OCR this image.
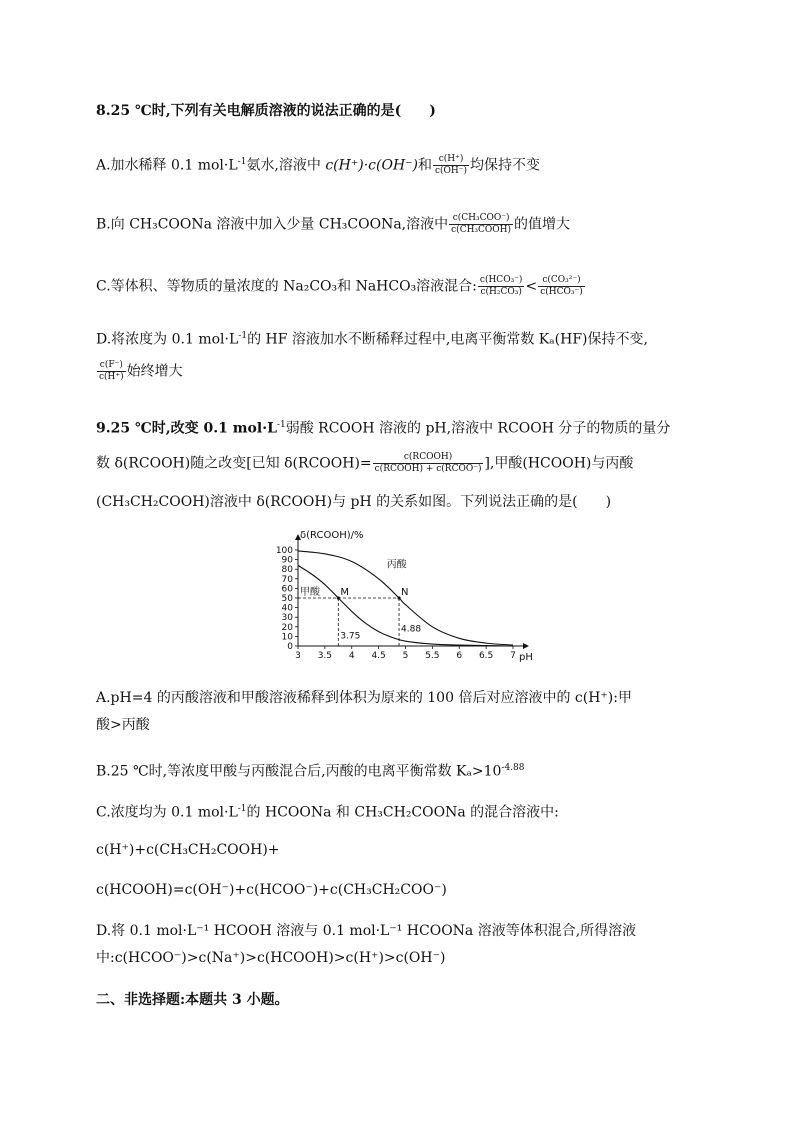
8.25 ℃时,下列有关电解质溶液的说法正确的是(　　)
A.加水稀释 0.1 $mol\cdot L^{-1}$氨水,溶液中 c(H⁺)·c(OH⁻)和 $\frac{c(H^+)}{c(OH^-)}$ 均保持不变
B.向 CH₃COONa 溶液中加入少量 CH₃COONa,溶液中 $\frac{\text{c(CH₃COO⁻)}}{\text{c(CH₃COOH)}}$ 的值增大
C.等体积、等物质的量浓度的 Na₂CO₃和 NaHCO₃溶液混合: $\frac{\text{c(HCO₃⁻)}}{\text{c(H₂CO₃)}} < \frac{\text{c(CO₃²⁻)}}{\text{c(HCO₃⁻)}}$
D.将浓度为 0.1 $mol\cdot L^{-1}$的 HF 溶液加水不断稀释过程中,电离平衡常数 Kₐ(HF)保持不变,
$\frac{c(F^-)}{c(H^+)}$ 始终增大
9.25 ℃时,改变 0.1 $mol\cdot L^{-1}$弱酸 RCOOH 溶液的 pH,溶液中 RCOOH 分子的物质的量分
数 δ(RCOOH)随之改变[已知 δ(RCOOH)= $\frac{\text{c(RCOOH)}}{\text{c(RCOOH) + c(RCOO⁻)}}$ ],甲酸(HCOOH)与丙酸
(CH₃CH₂COOH)溶液中 δ(RCOOH)与 pH 的关系如图。下列说法正确的是(　　)
3 3.5 4 4.5 5 5.5 6 6.5 7
0
10
20
30
40
50
60
70
80
90
100
δ(RCOOH)/%
pH
甲酸
丙酸
M	N
3.75
4.88
A.pH=4 的丙酸溶液和甲酸溶液稀释到体积为原来的 100 倍后对应溶液中的 c(H⁺):甲
酸>丙酸
B.25 ℃时,等浓度甲酸与丙酸混合后,丙酸的电离平衡常数 $K_a>10^{-4.88}$
C.浓度均为 0.1 $mol\cdot L^{-1}$的 HCOONa 和 CH₃CH₂COONa 的混合溶液中:
c(H⁺)+c(CH₃CH₂COOH)+
c(HCOOH)=c(OH⁻)+c(HCOO⁻)+c(CH₃CH₂COO⁻)
D.将 0.1 mol·L⁻¹ HCOOH 溶液与 0.1 mol·L⁻¹ HCOONa 溶液等体积混合,所得溶液
中:c(HCOO⁻)>c(Na⁺)>c(HCOOH)>c(H⁺)>c(OH⁻)
二、非选择题:本题共 3 小题。
